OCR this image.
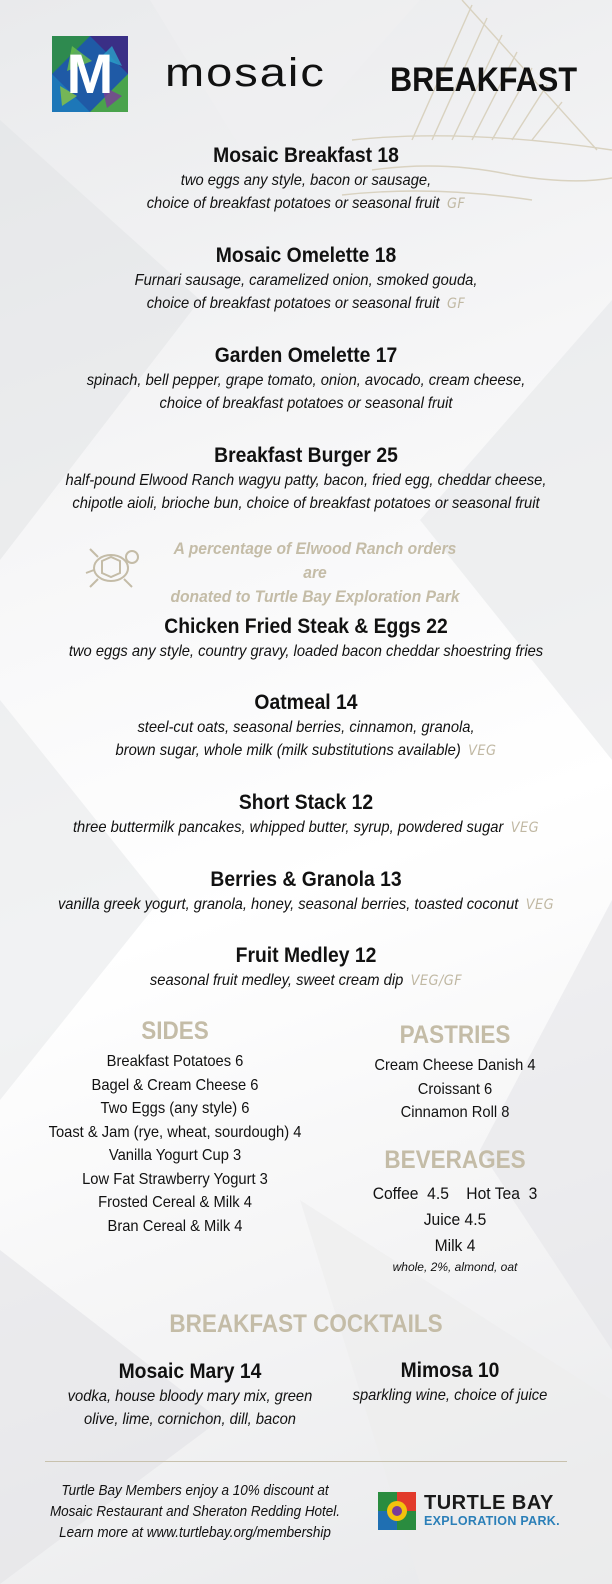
M	mosaic BREAKFAST
Mosaic Breakfast 18
two eggs any style, bacon or sausage,
choice of breakfast potatoes or seasonal fruit GF
Mosaic Omelette 18
Furnari sausage, caramelized onion, smoked gouda,
choice of breakfast potatoes or seasonal fruit GF
Garden Omelette 17
spinach, bell pepper, grape tomato, onion, avocado, cream cheese,
choice of breakfast potatoes or seasonal fruit
Breakfast Burger 25
half-pound Elwood Ranch wagyu patty, bacon, fried egg, cheddar cheese,
chipotle aioli, brioche bun, choice of breakfast potatoes or seasonal fruit
A percentage of Elwood Ranch orders are
donated to Turtle Bay Exploration Park
Chicken Fried Steak & Eggs 22
two eggs any style, country gravy, loaded bacon cheddar shoestring fries
Oatmeal 14
steel-cut oats, seasonal berries, cinnamon, granola,
brown sugar, whole milk (milk substitutions available) VEG
Short Stack 12
three buttermilk pancakes, whipped butter, syrup, powdered sugar VEG
Berries & Granola 13
vanilla greek yogurt, granola, honey, seasonal berries, toasted coconut VEG
Fruit Medley 12
seasonal fruit medley, sweet cream dip VEG/GF
SIDES
Breakfast Potatoes 6
Bagel & Cream Cheese 6
Two Eggs (any style) 6
Toast & Jam (rye, wheat, sourdough) 4
Vanilla Yogurt Cup 3
Low Fat Strawberry Yogurt 3
Frosted Cereal & Milk 4
Bran Cereal & Milk 4
PASTRIES
Cream Cheese Danish 4
Croissant 6
Cinnamon Roll 8
BEVERAGES
Coffee  4.5    Hot Tea  3
Juice 4.5
Milk 4
whole, 2%, almond, oat
BREAKFAST COCKTAILS
Mosaic Mary 14
vodka, house bloody mary mix, green
olive, lime, cornichon, dill, bacon
Mimosa 10
sparkling wine, choice of juice
Turtle Bay Members enjoy a 10% discount at
Mosaic Restaurant and Sheraton Redding Hotel.
Learn more at www.turtlebay.org/membership
TURTLE BAY
EXPLORATION PARK.
